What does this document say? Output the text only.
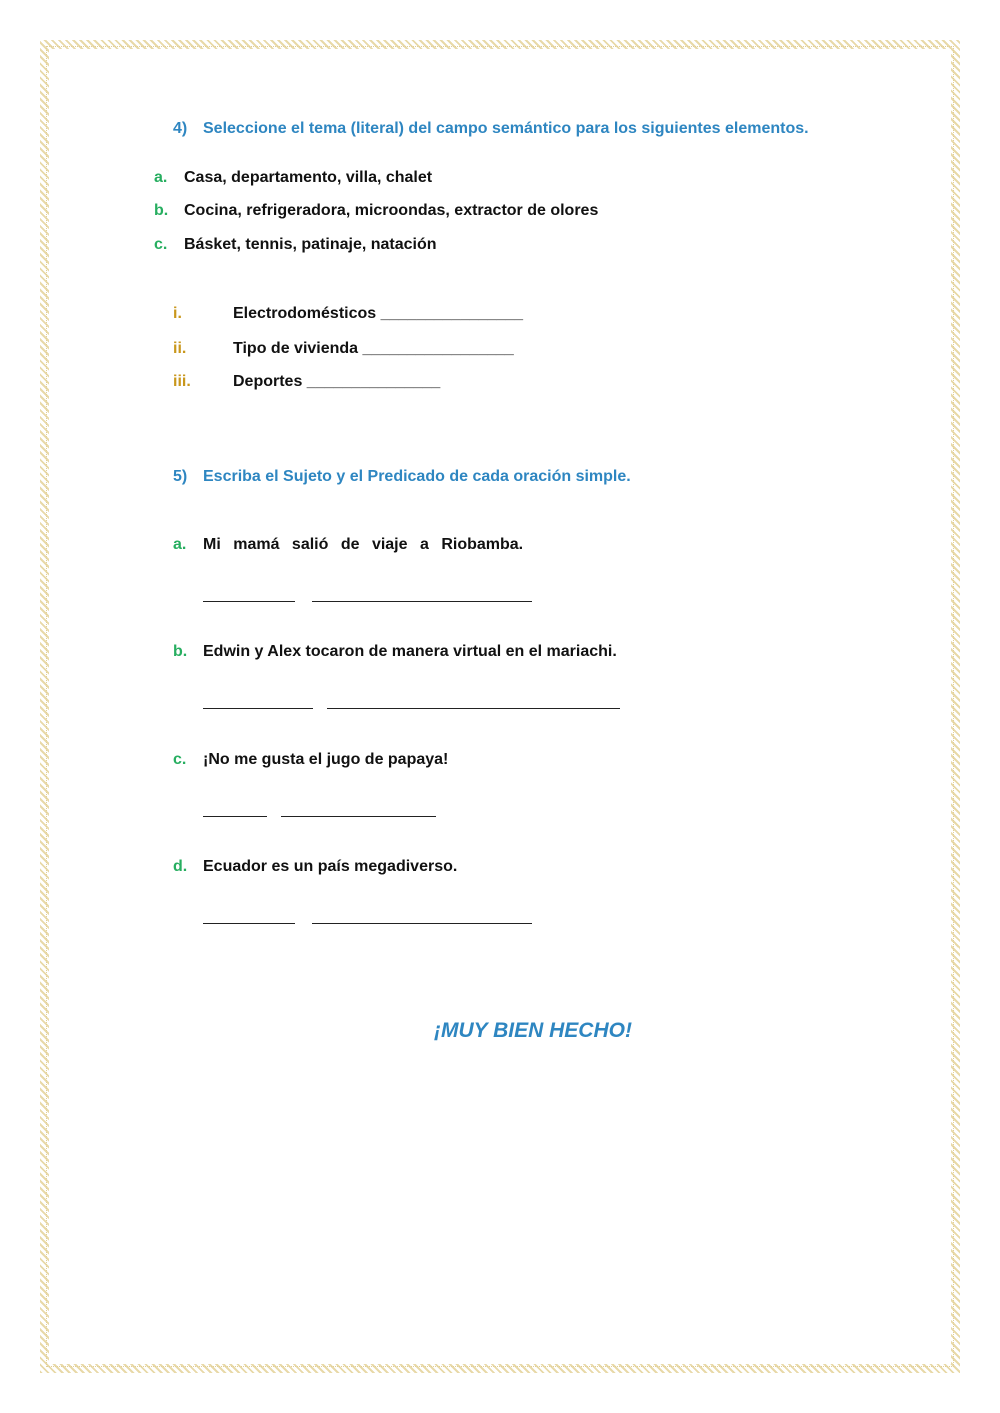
4) Seleccione el tema (literal) del campo semántico para los siguientes elementos.
a. Casa, departamento, villa, chalet
b. Cocina, refrigeradora, microondas, extractor de olores
c. Básket, tennis, patinaje, natación
i.	Electrodomésticos ________________
ii.	Tipo de vivienda _________________
iii.	Deportes _______________
5) Escriba el Sujeto y el Predicado de cada oración simple.
a. Mi mamá salió de viaje a Riobamba.
b. Edwin y Alex tocaron de manera virtual en el mariachi.
c. ¡No me gusta el jugo de papaya!
d. Ecuador es un país megadiverso.
¡MUY BIEN HECHO!
